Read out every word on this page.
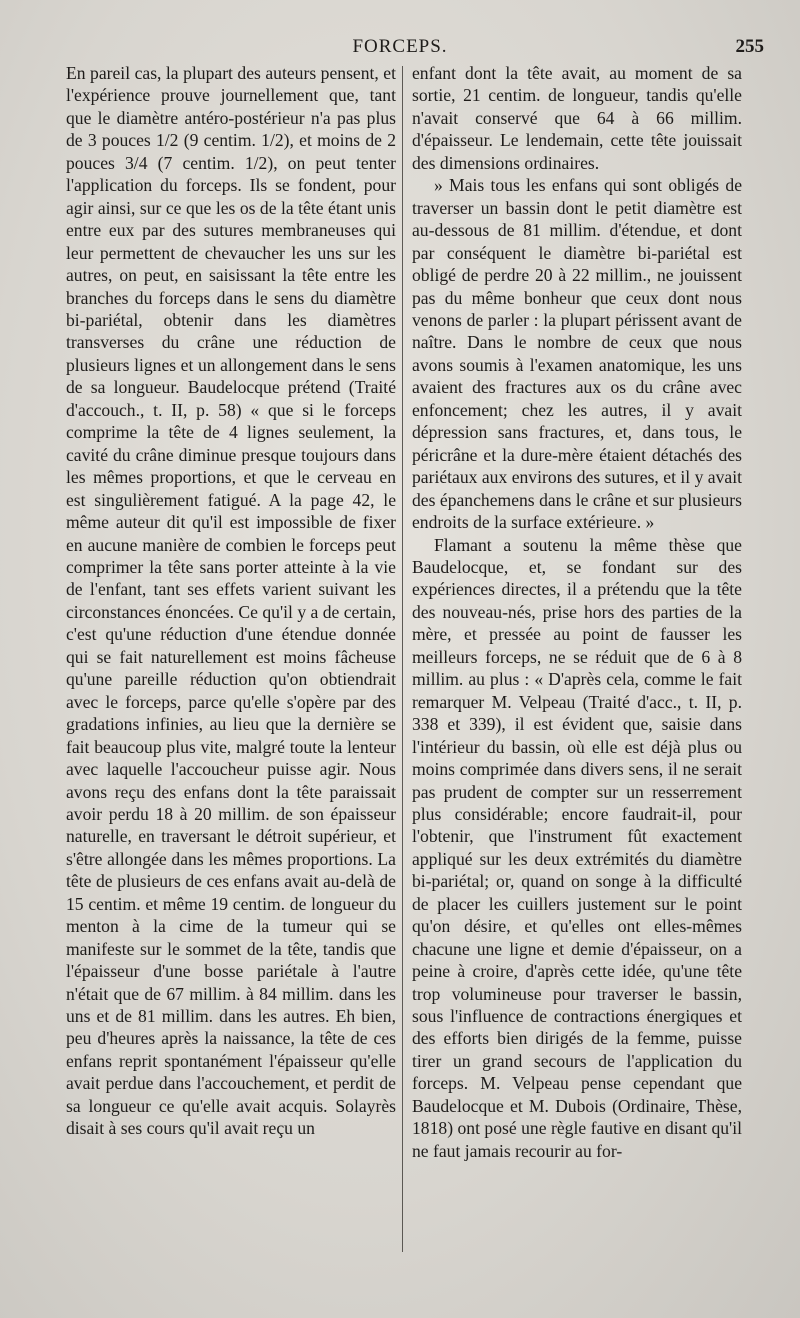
FORCEPS.	255

En pareil cas, la plupart des auteurs pensent, et l'expérience prouve journellement que, tant que le diamètre antéro-postérieur n'a pas plus de 3 pouces 1/2 (9 centim. 1/2), et moins de 2 pouces 3/4 (7 centim. 1/2), on peut tenter l'application du forceps. Ils se fondent, pour agir ainsi, sur ce que les os de la tête étant unis entre eux par des sutures membraneuses qui leur permettent de chevaucher les uns sur les autres, on peut, en saisissant la tête entre les branches du forceps dans le sens du diamètre bi-pariétal, obtenir dans les diamètres transverses du crâne une réduction de plusieurs lignes et un allongement dans le sens de sa longueur. Baudelocque prétend (Traité d'accouch., t. II, p. 58) « que si le forceps comprime la tête de 4 lignes seulement, la cavité du crâne diminue presque toujours dans les mêmes proportions, et que le cerveau en est singulièrement fatigué. A la page 42, le même auteur dit qu'il est impossible de fixer en aucune manière de combien le forceps peut comprimer la tête sans porter atteinte à la vie de l'enfant, tant ses effets varient suivant les circonstances énoncées. Ce qu'il y a de certain, c'est qu'une réduction d'une étendue donnée qui se fait naturellement est moins fâcheuse qu'une pareille réduction qu'on obtiendrait avec le forceps, parce qu'elle s'opère par des gradations infinies, au lieu que la dernière se fait beaucoup plus vite, malgré toute la lenteur avec laquelle l'accoucheur puisse agir. Nous avons reçu des enfans dont la tête paraissait avoir perdu 18 à 20 millim. de son épaisseur naturelle, en traversant le détroit supérieur, et s'être allongée dans les mêmes proportions. La tête de plusieurs de ces enfans avait au-delà de 15 centim. et même 19 centim. de longueur du menton à la cime de la tumeur qui se manifeste sur le sommet de la tête, tandis que l'épaisseur d'une bosse pariétale à l'autre n'était que de 67 millim. à 84 millim. dans les uns et de 81 millim. dans les autres. Eh bien, peu d'heures après la naissance, la tête de ces enfans reprit spontanément l'épaisseur qu'elle avait perdue dans l'accouchement, et perdit de sa longueur ce qu'elle avait acquis. Solayrès disait à ses cours qu'il avait reçu un

enfant dont la tête avait, au moment de sa sortie, 21 centim. de longueur, tandis qu'elle n'avait conservé que 64 à 66 millim. d'épaisseur. Le lendemain, cette tête jouissait des dimensions ordinaires.

» Mais tous les enfans qui sont obligés de traverser un bassin dont le petit diamètre est au-dessous de 81 millim. d'étendue, et dont par conséquent le diamètre bi-pariétal est obligé de perdre 20 à 22 millim., ne jouissent pas du même bonheur que ceux dont nous venons de parler : la plupart périssent avant de naître. Dans le nombre de ceux que nous avons soumis à l'examen anatomique, les uns avaient des fractures aux os du crâne avec enfoncement; chez les autres, il y avait dépression sans fractures, et, dans tous, le péricrâne et la dure-mère étaient détachés des pariétaux aux environs des sutures, et il y avait des épanchemens dans le crâne et sur plusieurs endroits de la surface extérieure. »

Flamant a soutenu la même thèse que Baudelocque, et, se fondant sur des expériences directes, il a prétendu que la tête des nouveau-nés, prise hors des parties de la mère, et pressée au point de fausser les meilleurs forceps, ne se réduit que de 6 à 8 millim. au plus : « D'après cela, comme le fait remarquer M. Velpeau (Traité d'acc., t. II, p. 338 et 339), il est évident que, saisie dans l'intérieur du bassin, où elle est déjà plus ou moins comprimée dans divers sens, il ne serait pas prudent de compter sur un resserrement plus considérable; encore faudrait-il, pour l'obtenir, que l'instrument fût exactement appliqué sur les deux extrémités du diamètre bi-pariétal; or, quand on songe à la difficulté de placer les cuillers justement sur le point qu'on désire, et qu'elles ont elles-mêmes chacune une ligne et demie d'épaisseur, on a peine à croire, d'après cette idée, qu'une tête trop volumineuse pour traverser le bassin, sous l'influence de contractions énergiques et des efforts bien dirigés de la femme, puisse tirer un grand secours de l'application du forceps. M. Velpeau pense cependant que Baudelocque et M. Dubois (Ordinaire, Thèse, 1818) ont posé une règle fautive en disant qu'il ne faut jamais recourir au for-
